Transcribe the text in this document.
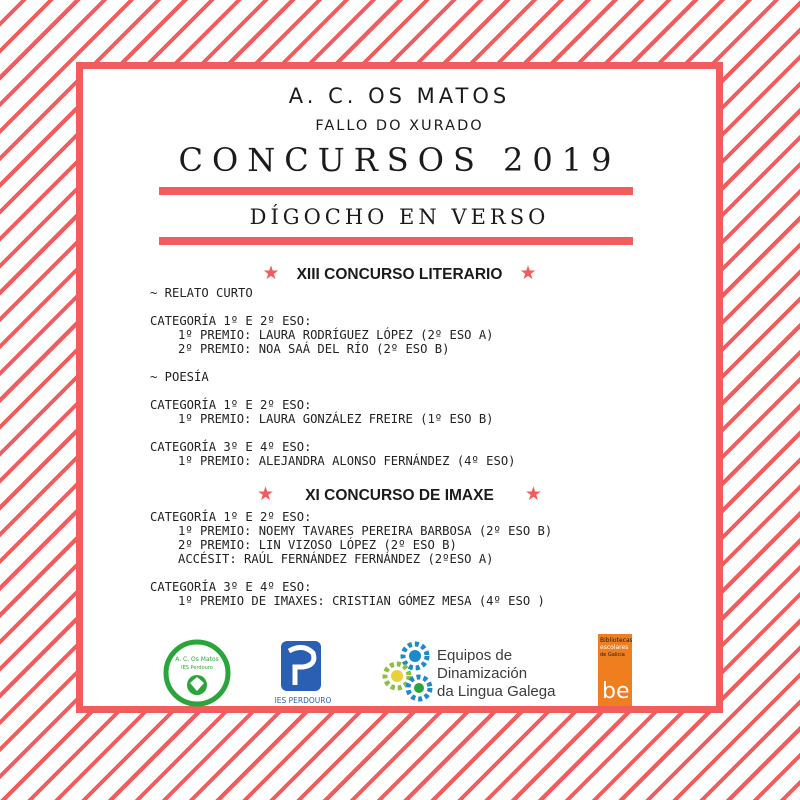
A. C. OS MATOS
FALLO DO XURADO
CONCURSOS 2019
DÍGOCHO EN VERSO
★ XIII CONCURSO LITERARIO ★
~ RELATO CURTO
CATEGORÍA 1º E 2º ESO:
1º PREMIO: LAURA RODRÍGUEZ LÓPEZ (2º ESO A)
2º PREMIO: NOA SAÁ DEL RÍO (2º ESO B)
~ POESÍA
CATEGORÍA 1º E 2º ESO:
1º PREMIO: LAURA GONZÁLEZ FREIRE (1º ESO B)
CATEGORÍA 3º E 4º ESO:
1º PREMIO: ALEJANDRA ALONSO FERNÁNDEZ (4º ESO)
★ XI CONCURSO DE IMAXE ★
CATEGORÍA 1º E 2º ESO:
1º PREMIO: NOEMY TAVARES PEREIRA BARBOSA (2º ESO B)
2º PREMIO: LIN VIZOSO LÓPEZ (2º ESO B)
ACCÉSIT: RAÚL FERNÁNDEZ FERNÁNDEZ (2ºESO A)
CATEGORÍA 3º E 4º ESO:
1º PREMIO DE IMAXES: CRISTIAN GÓMEZ MESA (4º ESO )
A. C. Os Matos
IES Perdouro
IES PERDOURO
Equipos de
Dinamización
da Lingua Galega
Bibliotecas
escolares
de Galicia
be
